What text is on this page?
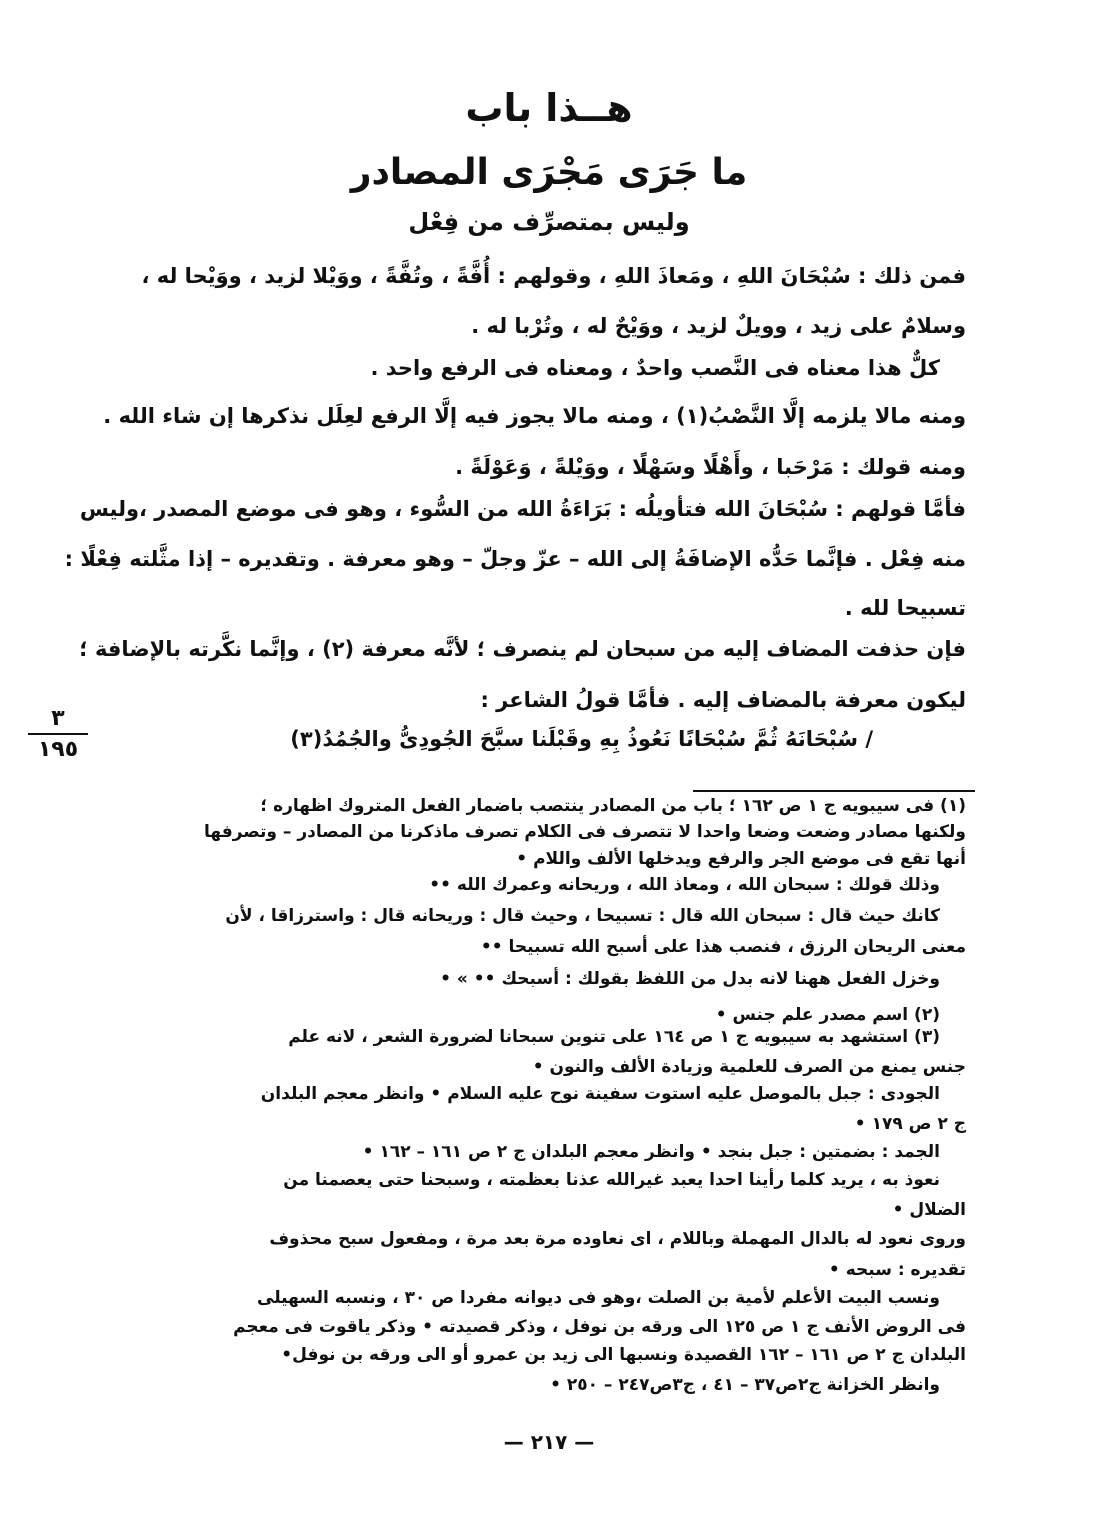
هــذا باب
ما جَرَى مَجْرَى المصادر
وليس بمتصرِّف من فِعْل
فمن ذلك : سُبْحَانَ اللهِ ، ومَعاذَ اللهِ ، وقولهم : أُفَّةً ، وتُفَّةً ، ووَيْلا لزيد ، ووَيْحا له ،
وسلامٌ على زيد ، وويلٌ لزيد ، ووَيْحٌ له ، وتُرْبا له .
كلٌّ هذا معناه فى النَّصب واحدٌ ، ومعناه فى الرفع واحد .
ومنه مالا يلزمه إلَّا النَّصْبُ(١) ، ومنه مالا يجوز فيه إلَّا الرفع لعِلَل نذكرها إن شاء الله .
ومنه قولك : مَرْحَبا ، وأَهْلًا وسَهْلًا ، ووَيْلةً ، وَعَوْلَةً .
فأمَّا قولهم : سُبْحَانَ الله فتأويلُه : بَرَاءَةُ الله من السُّوء ، وهو فى موضع المصدر ،وليس
منه فِعْل . فإنَّما حَدُّه الإضافَةُ إلى الله – عزّ وجلّ – وهو معرفة . وتقديره – إذا مثَّلته فِعْلًا :
تسبيحا لله .
فإن حذفت المضاف إليه من سبحان لم ينصرف ؛ لأنَّه معرفة (٢) ، وإنَّما نكَّرته بالإضافة ؛
ليكون معرفة بالمضاف إليه . فأمَّا قولُ الشاعر :
/ سُبْحَانَهُ ثُمَّ سُبْحَانًا نَعُوذُ بِهِ وقَبْلَنا سبَّحَ الجُودِىُّ والجُمُدُ(٣)
٣
١٩٥
(١) فى سيبويه ج ١ ص ١٦٢ ؛ باب من المصادر ينتصب باضمار الفعل المتروك اظهاره ؛
ولكنها مصادر وضعت وضعا واحدا لا تتصرف فى الكلام تصرف ماذكرنا من المصادر – وتصرفها
أنها تقع فى موضع الجر والرفع ويدخلها الألف واللام •
وذلك قولك : سبحان الله ، ومعاذ الله ، وريحانه وعمرك الله ••
كانك حيث قال : سبحان الله قال : تسبيحا ، وحيث قال : وريحانه قال : واسترزاقا ، لأن
معنى الريحان الرزق ، فنصب هذا على أسبح الله تسبيحا ••
وخزل الفعل ههنا لانه بدل من اللفظ بقولك : أسبحك •• » •
(٢) اسم مصدر علم جنس •
(٣) استشهد به سيبويه ج ١ ص ١٦٤ على تنوين سبحانا لضرورة الشعر ، لانه علم
جنس يمنع من الصرف للعلمية وزيادة الألف والنون •
الجودى : جبل بالموصل عليه استوت سفينة نوح عليه السلام • وانظر معجم البلدان
ج ٢ ص ١٧٩ •
الجمد : بضمتين : جبل بنجد • وانظر معجم البلدان ج ٢ ص ١٦١ – ١٦٢ •
نعوذ به ، يريد كلما رأينا احدا يعبد غيرالله عذنا بعظمته ، وسبحنا حتى يعصمنا من
الضلال •
وروى نعود له بالدال المهملة وباللام ، اى نعاوده مرة بعد مرة ، ومفعول سبح محذوف
تقديره : سبحه •
ونسب البيت الأعلم لأمية بن الصلت ،وهو فى ديوانه مفردا ص ٣٠ ، ونسبه السهيلى
فى الروض الأنف ج ١ ص ١٢٥ الى ورقه بن نوفل ، وذكر قصيدته • وذكر ياقوت فى معجم
البلدان ج ٢ ص ١٦١ – ١٦٢ القصيدة ونسبها الى زيد بن عمرو أو الى ورقه بن نوفل•
وانظر الخزانة ج٢ص٣٧ – ٤١ ، ج٣ص٢٤٧ – ٢٥٠ •
— ٢١٧ —
